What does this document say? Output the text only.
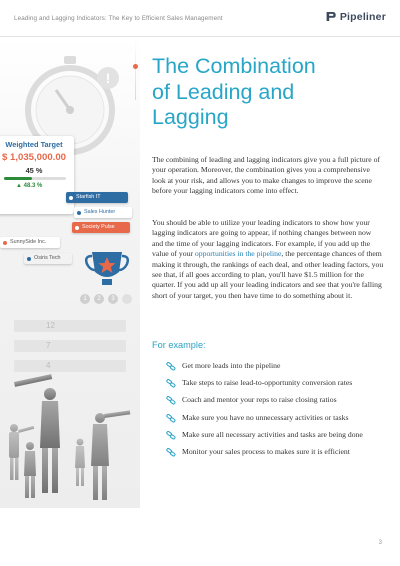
Leading and Lagging Indicators: The Key to Efficient Sales Management	Pipeliner
!
Weighted Target
$ 1,035,000.00
45 %
▲ 48.3 %
Starfish IT
Sales Hunter
Society Pulse
SunnySide Inc.
Osiris Tech
1	2	3
12
7
4
The Combination
of Leading and
Lagging

The combining of leading and lagging indicators give you a full picture of your operation. Moreover, the combination gives you a comprehensive look at your risk, and allows you to make changes to improve the scene before your lagging indicators come into effect.

You should be able to utilize your leading indicators to show how your lagging indicators are going to appear, if nothing changes between now and the time of your lagging indicators. For example, if you add up the value of your opportunities in the pipeline, the percentage chances of them making it through, the rankings of each deal, and other leading factors, you see that, if all goes according to plan, you'll have $1.5 million for the quarter. If you add up all your leading indicators and see that you're falling short of your target, you then have time to do something about it.

For example:
Get more leads into the pipeline
Take steps to raise lead-to-opportunity conversion rates
Coach and mentor your reps to raise closing ratios
Make sure you have no unnecessary activities or tasks
Make sure all necessary activities and tasks are being done
Monitor your sales process to makes sure it is efficient
3
